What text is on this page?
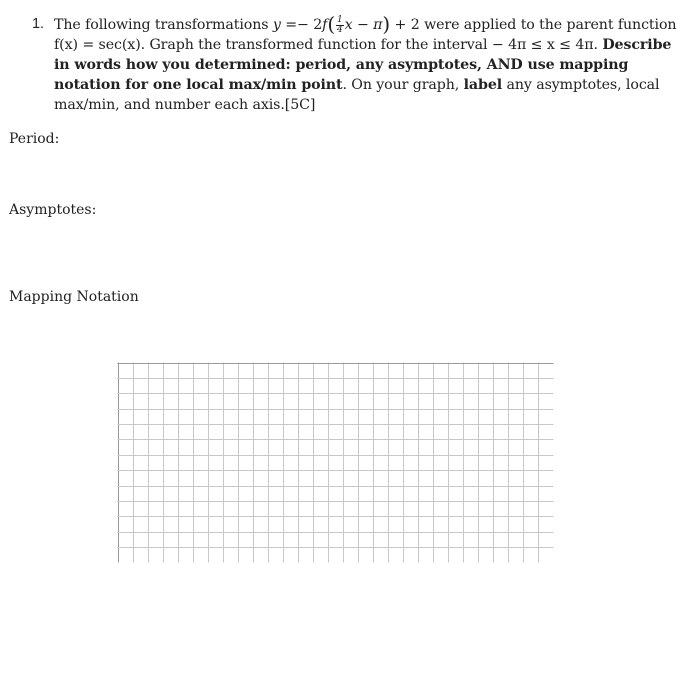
1. The following transformations $y =- 2f( \frac{1}{4}$ x − π) + 2 were applied to the parent function f(x) = sec(x). Graph the transformed function for the interval − 4π ≤ x ≤ 4π. Describe in words how you determined: period, any asymptotes, AND use mapping notation for one local max/min point. On your graph, label any asymptotes, local max/min, and number each axis.[5C]
Period:
Asymptotes:
Mapping Notation
